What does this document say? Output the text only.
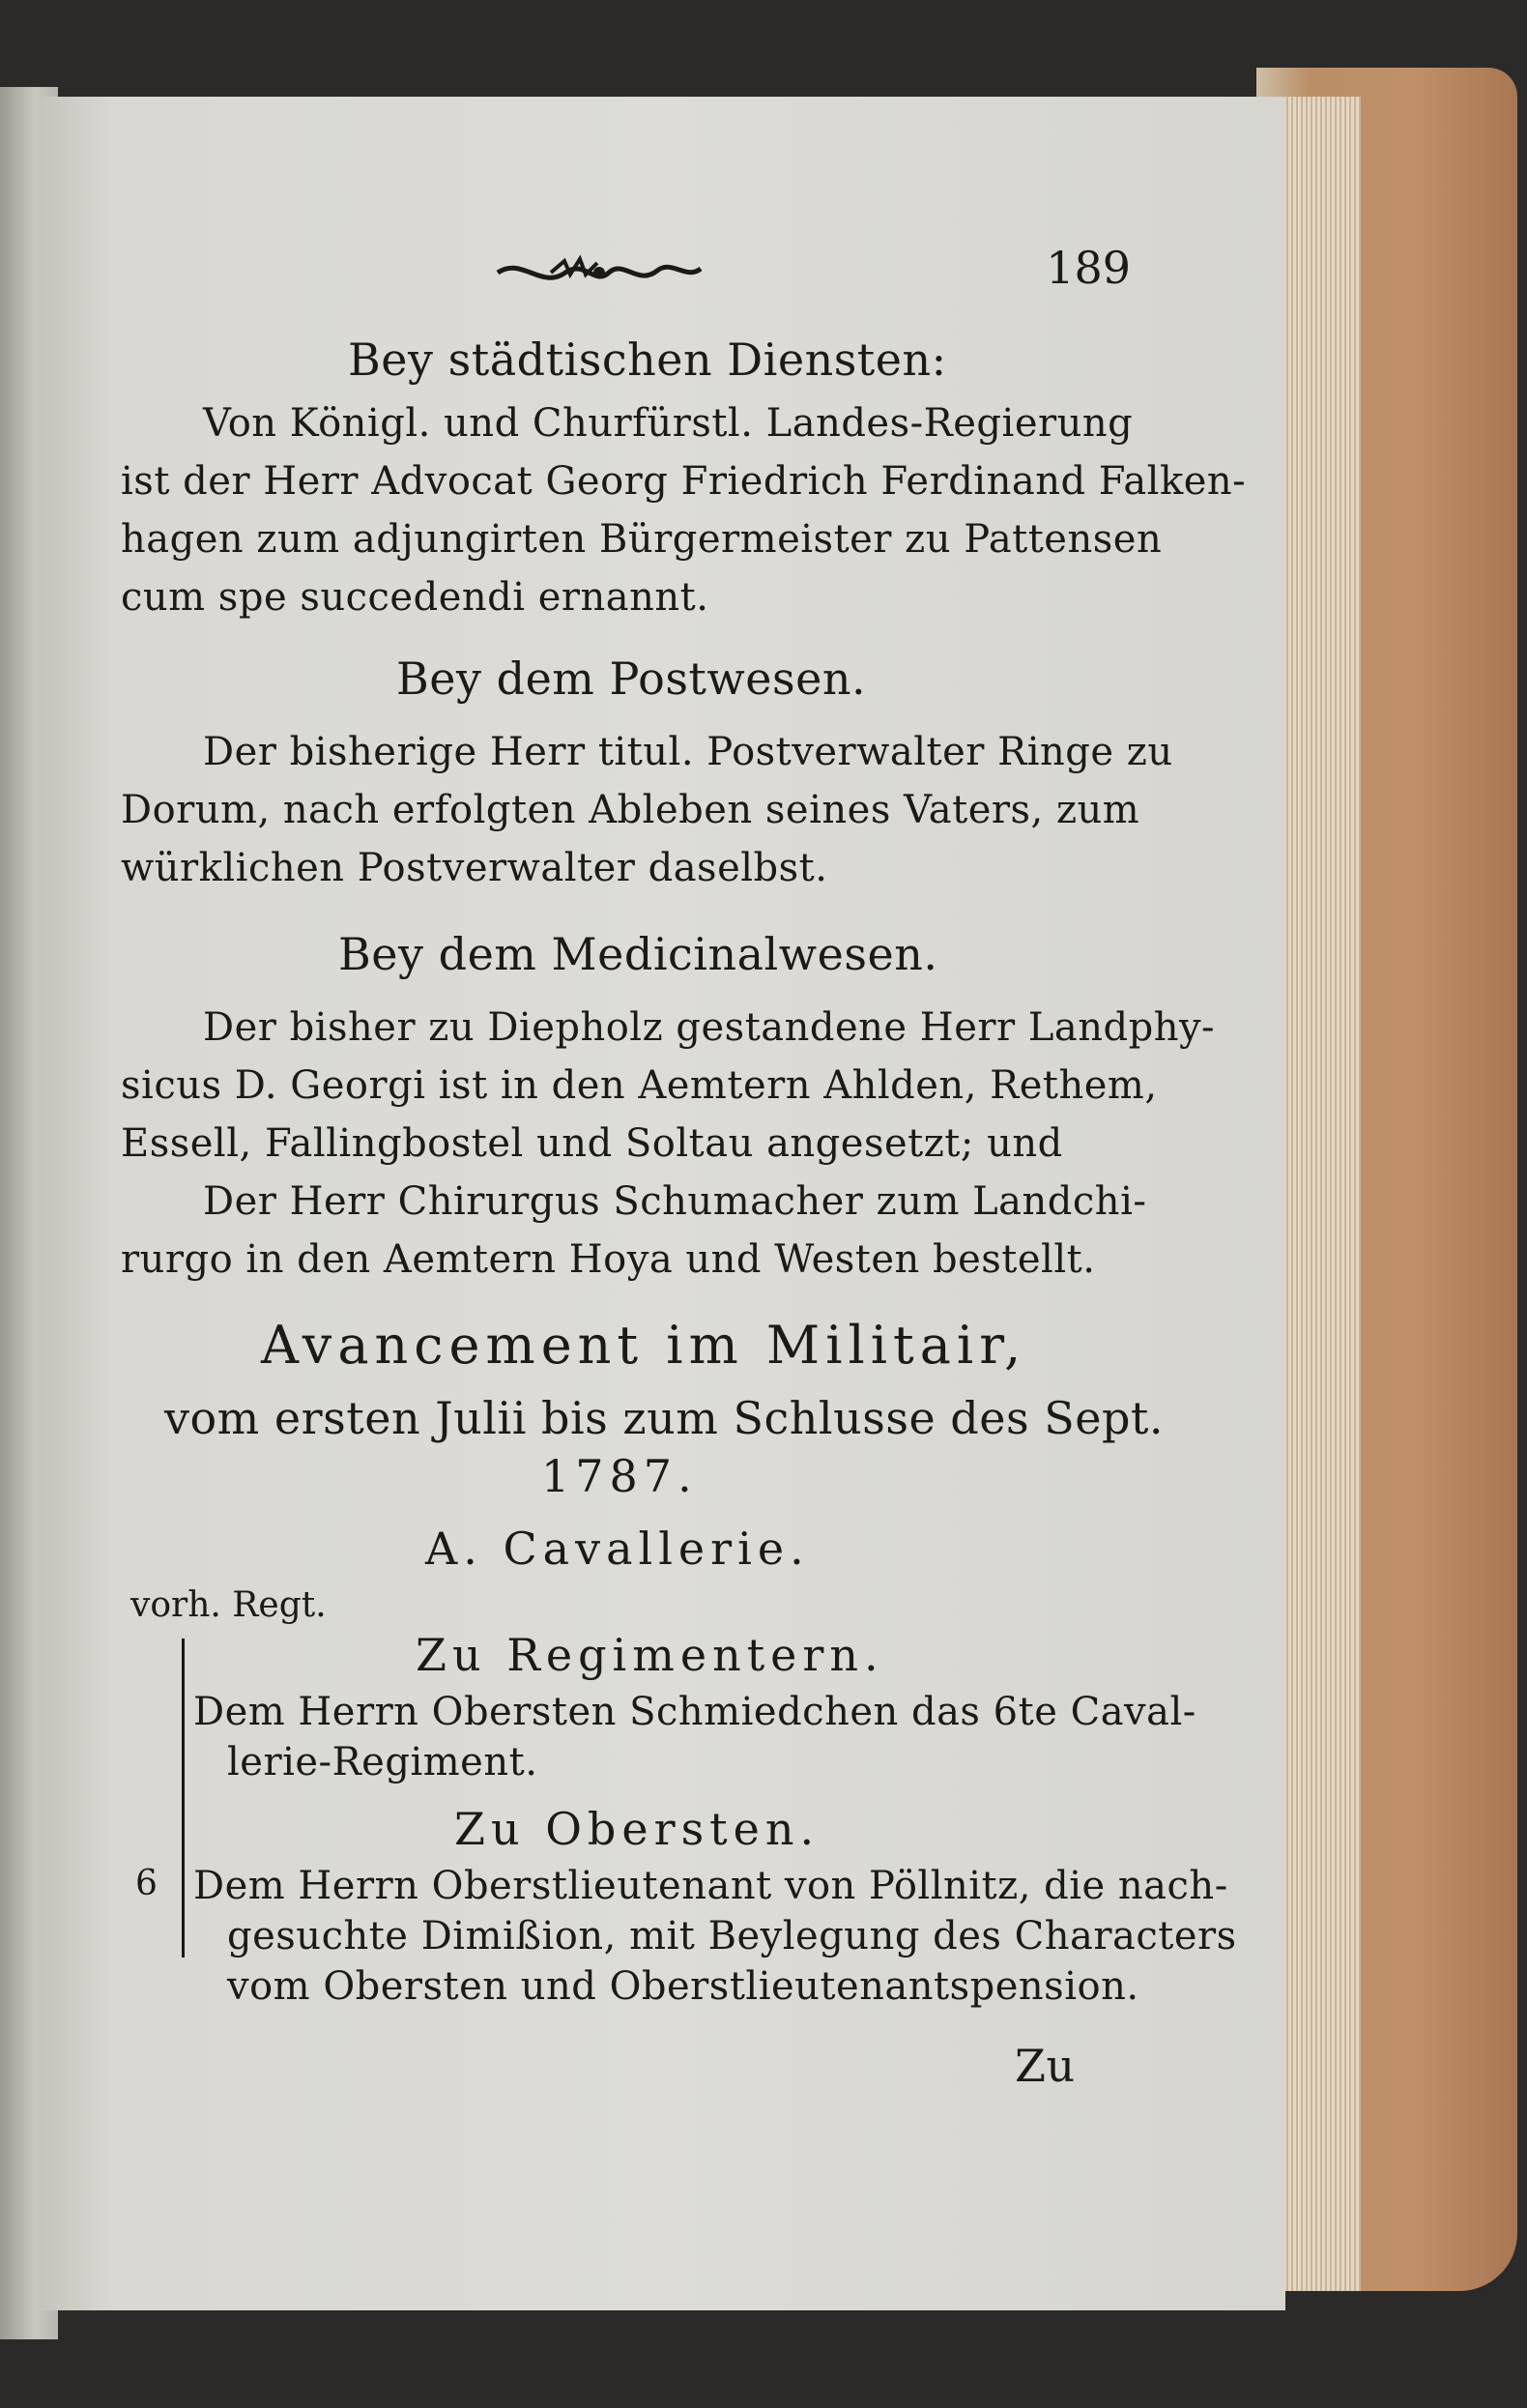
189
Bey städtischen Diensten:
Von Königl. und Churfürstl. Landes-Regierung
ist der Herr Advocat Georg Friedrich Ferdinand Falken-
hagen zum adjungirten Bürgermeister zu Pattensen
cum spe succedendi ernannt.
Bey dem Postwesen.
Der bisherige Herr titul. Postverwalter Ringe zu
Dorum, nach erfolgten Ableben seines Vaters, zum
würklichen Postverwalter daselbst.
Bey dem Medicinalwesen.
Der bisher zu Diepholz gestandene Herr Landphy-
sicus D. Georgi ist in den Aemtern Ahlden, Rethem,
Essell, Fallingbostel und Soltau angesetzt; und
Der Herr Chirurgus Schumacher zum Landchi-
rurgo in den Aemtern Hoya und Westen bestellt.
Avancement im Militair,
vom ersten Julii bis zum Schlusse des Sept.
1787.
A. Cavallerie.
vorh. Regt.
Zu Regimentern.
Dem Herrn Obersten Schmiedchen das 6te Caval-
lerie-Regiment.
Zu Obersten.
6 Dem Herrn Oberstlieutenant von Pöllnitz, die nach-
gesuchte Dimißion, mit Beylegung des Characters
vom Obersten und Oberstlieutenantspension.
Zu
